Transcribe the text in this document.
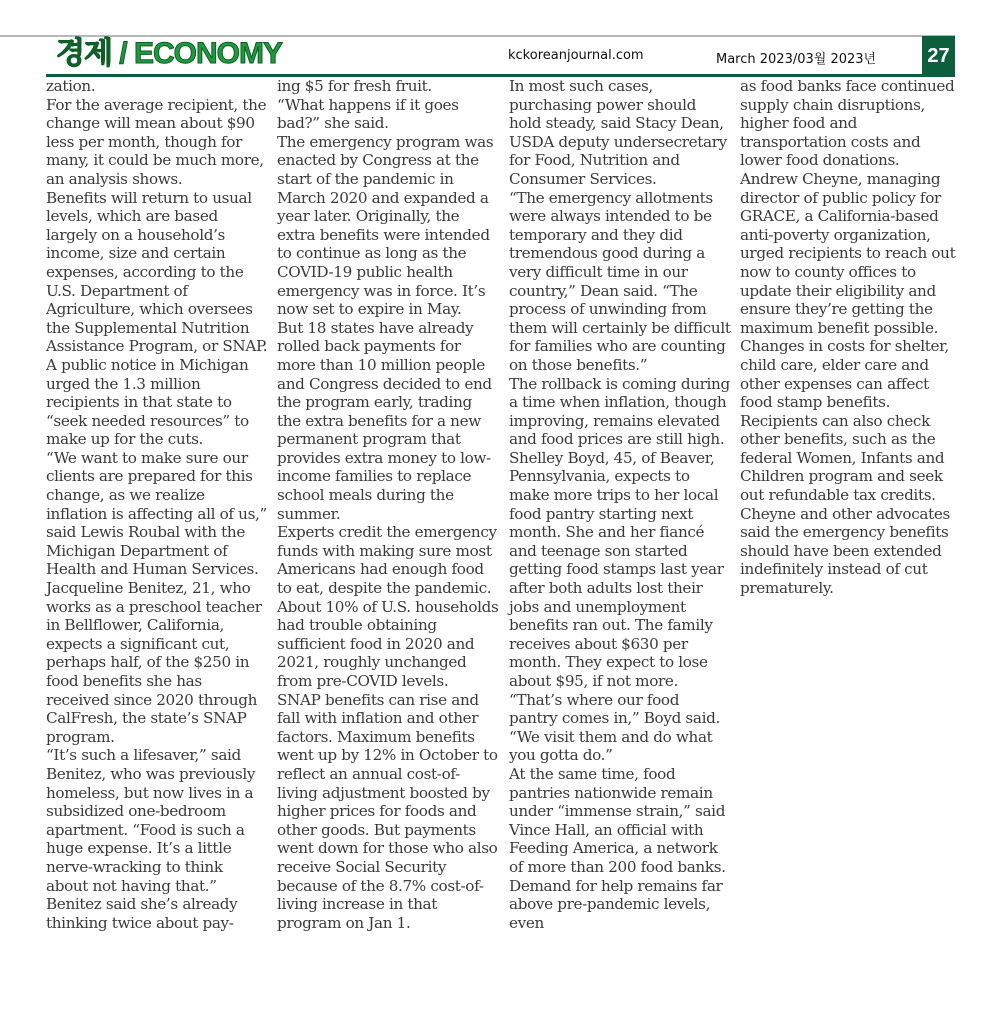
경제 / ECONOMY	kckoreanjournal.com	March 2023/03월 2023년	27

zation.

For the average recipient, the change will mean about $90 less per month, though for many, it could be much more, an analysis shows.

Benefits will return to usual levels, which are based largely on a household’s income, size and certain expenses, according to the U.S. Department of Agriculture, which oversees the Supplemental Nutrition Assistance Program, or SNAP.

A public notice in Michigan urged the 1.3 million recipients in that state to “seek needed resources” to make up for the cuts.

“We want to make sure our clients are prepared for this change, as we realize inflation is affecting all of us,” said Lewis Roubal with the Michigan Department of Health and Human Services.

Jacqueline Benitez, 21, who works as a preschool teacher in Bellflower, California, expects a significant cut, perhaps half, of the $250 in food benefits she has received since 2020 through CalFresh, the state’s SNAP program.

“It’s such a lifesaver,” said Benitez, who was previously homeless, but now lives in a subsidized one-bedroom apartment. “Food is such a huge expense. It’s a little nerve-wracking to think about not having that.”

Benitez said she’s already thinking twice about pay-

ing $5 for fresh fruit.

“What happens if it goes bad?” she said.

The emergency program was enacted by Congress at the start of the pandemic in March 2020 and expanded a year later. Originally, the extra benefits were intended to continue as long as the COVID-19 public health emergency was in force. It’s now set to expire in May.

But 18 states have already rolled back payments for more than 10 million people and Congress decided to end the program early, trading the extra benefits for a new permanent program that provides extra money to low-income families to replace school meals during the summer.

Experts credit the emergency funds with making sure most Americans had enough food to eat, despite the pandemic. About 10% of U.S. households had trouble obtaining sufficient food in 2020 and 2021, roughly unchanged from pre-COVID levels.

SNAP benefits can rise and fall with inflation and other factors. Maximum benefits went up by 12% in October to reflect an annual cost-of-living adjustment boosted by higher prices for foods and other goods. But payments went down for those who also receive Social Security because of the 8.7% cost-of-living increase in that program on Jan 1.

In most such cases, purchasing power should hold steady, said Stacy Dean, USDA deputy undersecretary for Food, Nutrition and Consumer Services.

“The emergency allotments were always intended to be temporary and they did tremendous good during a very difficult time in our country,” Dean said. “The process of unwinding from them will certainly be difficult for families who are counting on those benefits.”

The rollback is coming during a time when inflation, though improving, remains elevated and food prices are still high.

Shelley Boyd, 45, of Beaver, Pennsylvania, expects to make more trips to her local food pantry starting next month. She and her fiancé and teenage son started getting food stamps last year after both adults lost their jobs and unemployment benefits ran out. The family receives about $630 per month. They expect to lose about $95, if not more.

“That’s where our food pantry comes in,” Boyd said. “We visit them and do what you gotta do.”

At the same time, food pantries nationwide remain under “immense strain,” said Vince Hall, an official with Feeding America, a network of more than 200 food banks. Demand for help remains far above pre-pandemic levels, even

as food banks face continued supply chain disruptions, higher food and transportation costs and lower food donations.

Andrew Cheyne, managing director of public policy for GRACE, a California-based anti-poverty organization, urged recipients to reach out now to county offices to update their eligibility and ensure they’re getting the maximum benefit possible. Changes in costs for shelter, child care, elder care and other expenses can affect food stamp benefits. Recipients can also check other benefits, such as the federal Women, Infants and Children program and seek out refundable tax credits.

Cheyne and other advocates said the emergency benefits should have been extended indefinitely instead of cut prematurely.
